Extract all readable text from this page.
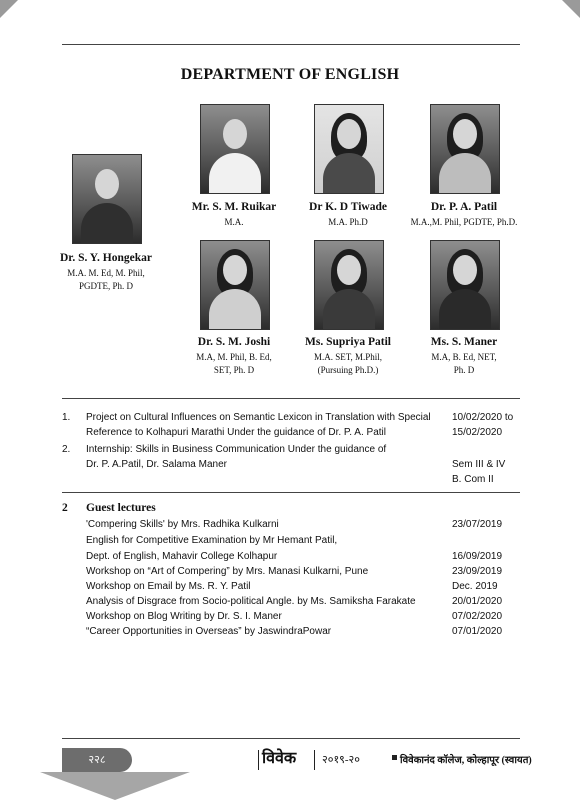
DEPARTMENT OF ENGLISH
Dr. S. Y. Hongekar
M.A. M. Ed, M. Phil,
PGDTE, Ph. D
Mr. S. M. Ruikar
M.A.
Dr K. D Tiwade
M.A. Ph.D
Dr. P. A. Patil
M.A.,M. Phil, PGDTE, Ph.D.
Dr. S. M. Joshi
M.A, M. Phil, B. Ed,
SET, Ph. D
Ms. Supriya Patil
M.A. SET, M.Phil,
(Pursuing Ph.D.)
Ms. S. Maner
M.A, B. Ed, NET,
Ph. D
1. Project on Cultural Influences on Semantic Lexicon in Translation with Special
Reference to Kolhapuri Marathi Under the guidance of Dr. P. A. Patil
10/02/2020 to
15/02/2020
2. Internship: Skills in Business Communication Under the guidance of
Dr. P. A.Patil, Dr. Salama Maner	Sem III & IV
B. Com II
2 Guest lectures
'Compering Skills' by Mrs. Radhika Kulkarni	23/07/2019
English for Competitive Examination by Mr Hemant Patil,
Dept. of English, Mahavir College Kolhapur	16/09/2019
Workshop on “Art of Compering” by Mrs. Manasi Kulkarni, Pune	23/09/2019
Workshop on Email by Ms. R. Y. Patil	Dec. 2019
Analysis of Disgrace from Socio-political Angle. by Ms. Samiksha Farakate	20/01/2020
Workshop on Blog Writing by Dr. S. I. Maner	07/02/2020
“Career Opportunities in Overseas” by JaswindraPowar	07/01/2020
२२८	विवेक २०१९-२०	विवेकानंद कॉलेज, कोल्हापूर (स्वायत)
